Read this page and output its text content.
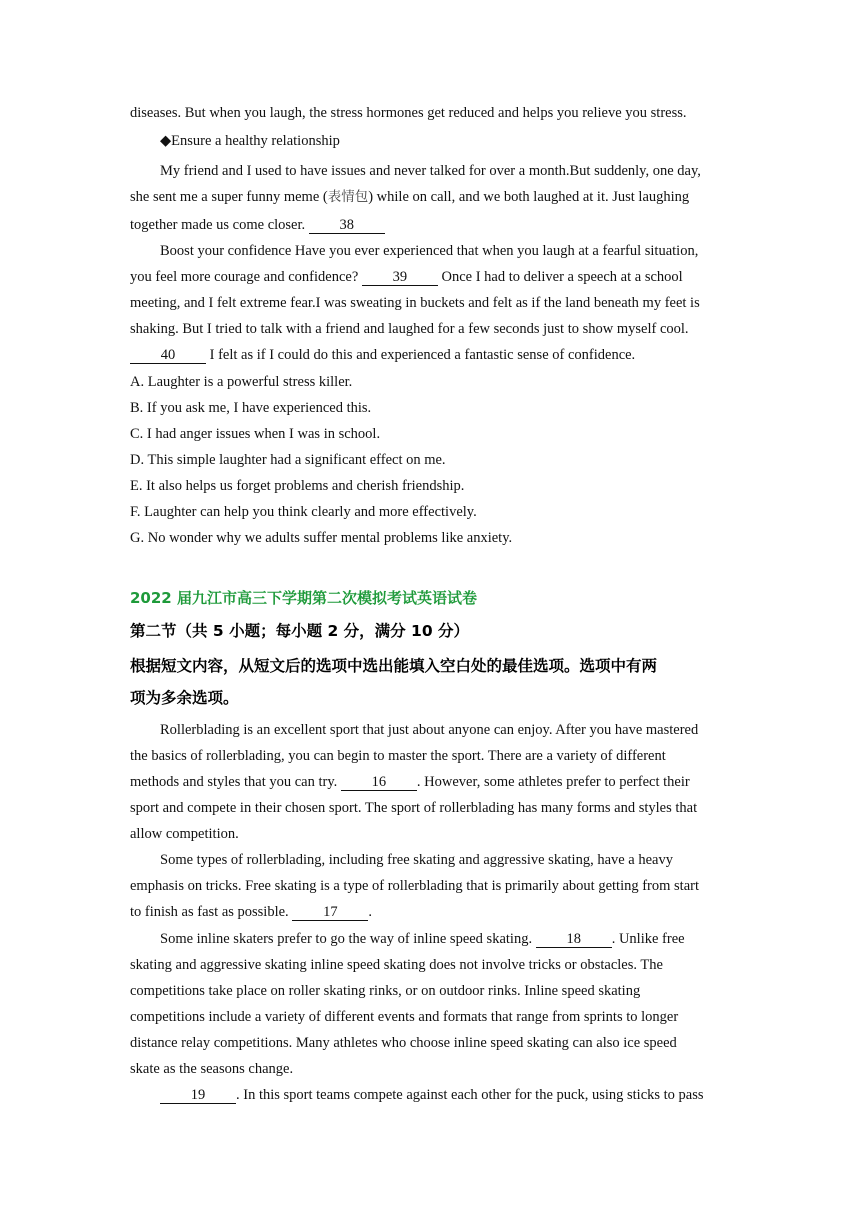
diseases. But when you laugh, the stress hormones get reduced and helps you relieve you stress.
◆Ensure a healthy relationship
My friend and I used to have issues and never talked for over a month.But suddenly, one day,
she sent me a super funny meme (表情包) while on call, and we both laughed at it. Just laughing
together made us come closer. 38
Boost your confidence Have you ever experienced that when you laugh at a fearful situation,
you feel more courage and confidence? 39 Once I had to deliver a speech at a school
meeting, and I felt extreme fear.I was sweating in buckets and felt as if the land beneath my feet is
shaking. But I tried to talk with a friend and laughed for a few seconds just to show myself cool.
40 I felt as if I could do this and experienced a fantastic sense of confidence.
A. Laughter is a powerful stress killer.
B. If you ask me, I have experienced this.
C. I had anger issues when I was in school.
D. This simple laughter had a significant effect on me.
E. It also helps us forget problems and cherish friendship.
F. Laughter can help you think clearly and more effectively.
G. No wonder why we adults suffer mental problems like anxiety.
2022 届九江市高三下学期第二次模拟考试英语试卷
第二节（共 5 小题；每小题 2 分，满分 10 分）
根据短文内容，从短文后的选项中选出能填入空白处的最佳选项。选项中有两
项为多余选项。
Rollerblading is an excellent sport that just about anyone can enjoy. After you have mastered
the basics of rollerblading, you can begin to master the sport. There are a variety of different
methods and styles that you can try. 16 . However, some athletes prefer to perfect their
sport and compete in their chosen sport. The sport of rollerblading has many forms and styles that
allow competition.
Some types of rollerblading, including free skating and aggressive skating, have a heavy
emphasis on tricks. Free skating is a type of rollerblading that is primarily about getting from start
to finish as fast as possible. 17 .
Some inline skaters prefer to go the way of inline speed skating. 18 . Unlike free
skating and aggressive skating inline speed skating does not involve tricks or obstacles. The
competitions take place on roller skating rinks, or on outdoor rinks. Inline speed skating
competitions include a variety of different events and formats that range from sprints to longer
distance relay competitions. Many athletes who choose inline speed skating can also ice speed
skate as the seasons change.
19 . In this sport teams compete against each other for the puck, using sticks to pass
